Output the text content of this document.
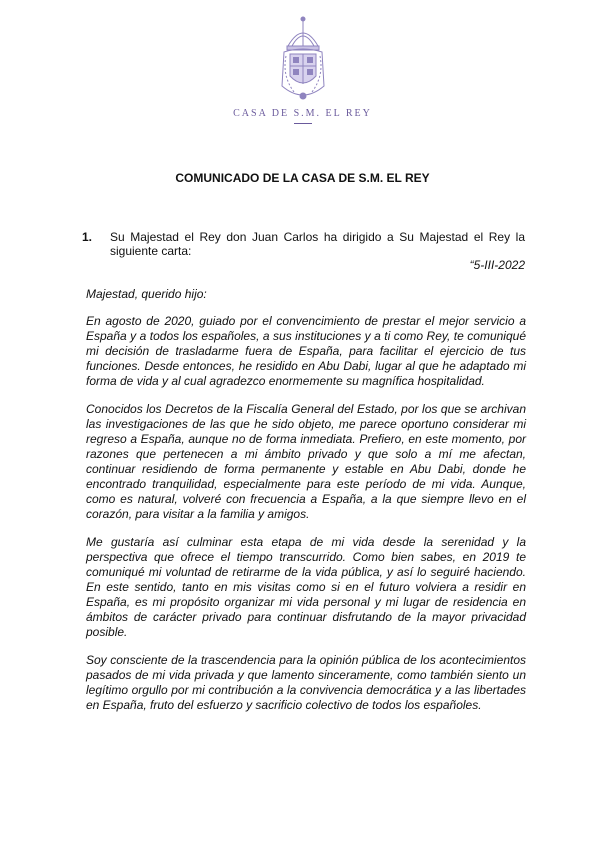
CASA DE S.M. EL REY
COMUNICADO DE LA CASA DE S.M. EL REY
1. Su Majestad el Rey don Juan Carlos ha dirigido a Su Majestad el Rey la siguiente carta:
“5-III-2022

Majestad, querido hijo:

En agosto de 2020, guiado por el convencimiento de prestar el mejor servicio a España y a todos los españoles, a sus instituciones y a ti como Rey, te comuniqué mi decisión de trasladarme fuera de España, para facilitar el ejercicio de tus funciones. Desde entonces, he residido en Abu Dabi, lugar al que he adaptado mi forma de vida y al cual agradezco enormemente su magnífica hospitalidad.

Conocidos los Decretos de la Fiscalía General del Estado, por los que se archivan las investigaciones de las que he sido objeto, me parece oportuno considerar mi regreso a España, aunque no de forma inmediata. Prefiero, en este momento, por razones que pertenecen a mi ámbito privado y que solo a mí me afectan, continuar residiendo de forma permanente y estable en Abu Dabi, donde he encontrado tranquilidad, especialmente para este período de mi vida. Aunque, como es natural, volveré con frecuencia a España, a la que siempre llevo en el corazón, para visitar a la familia y amigos.

Me gustaría así culminar esta etapa de mi vida desde la serenidad y la perspectiva que ofrece el tiempo transcurrido. Como bien sabes, en 2019 te comuniqué mi voluntad de retirarme de la vida pública, y así lo seguiré haciendo. En este sentido, tanto en mis visitas como si en el futuro volviera a residir en España, es mi propósito organizar mi vida personal y mi lugar de residencia en ámbitos de carácter privado para continuar disfrutando de la mayor privacidad posible.

Soy consciente de la trascendencia para la opinión pública de los acontecimientos pasados de mi vida privada y que lamento sinceramente, como también siento un legítimo orgullo por mi contribución a la convivencia democrática y a las libertades en España, fruto del esfuerzo y sacrificio colectivo de todos los españoles.
